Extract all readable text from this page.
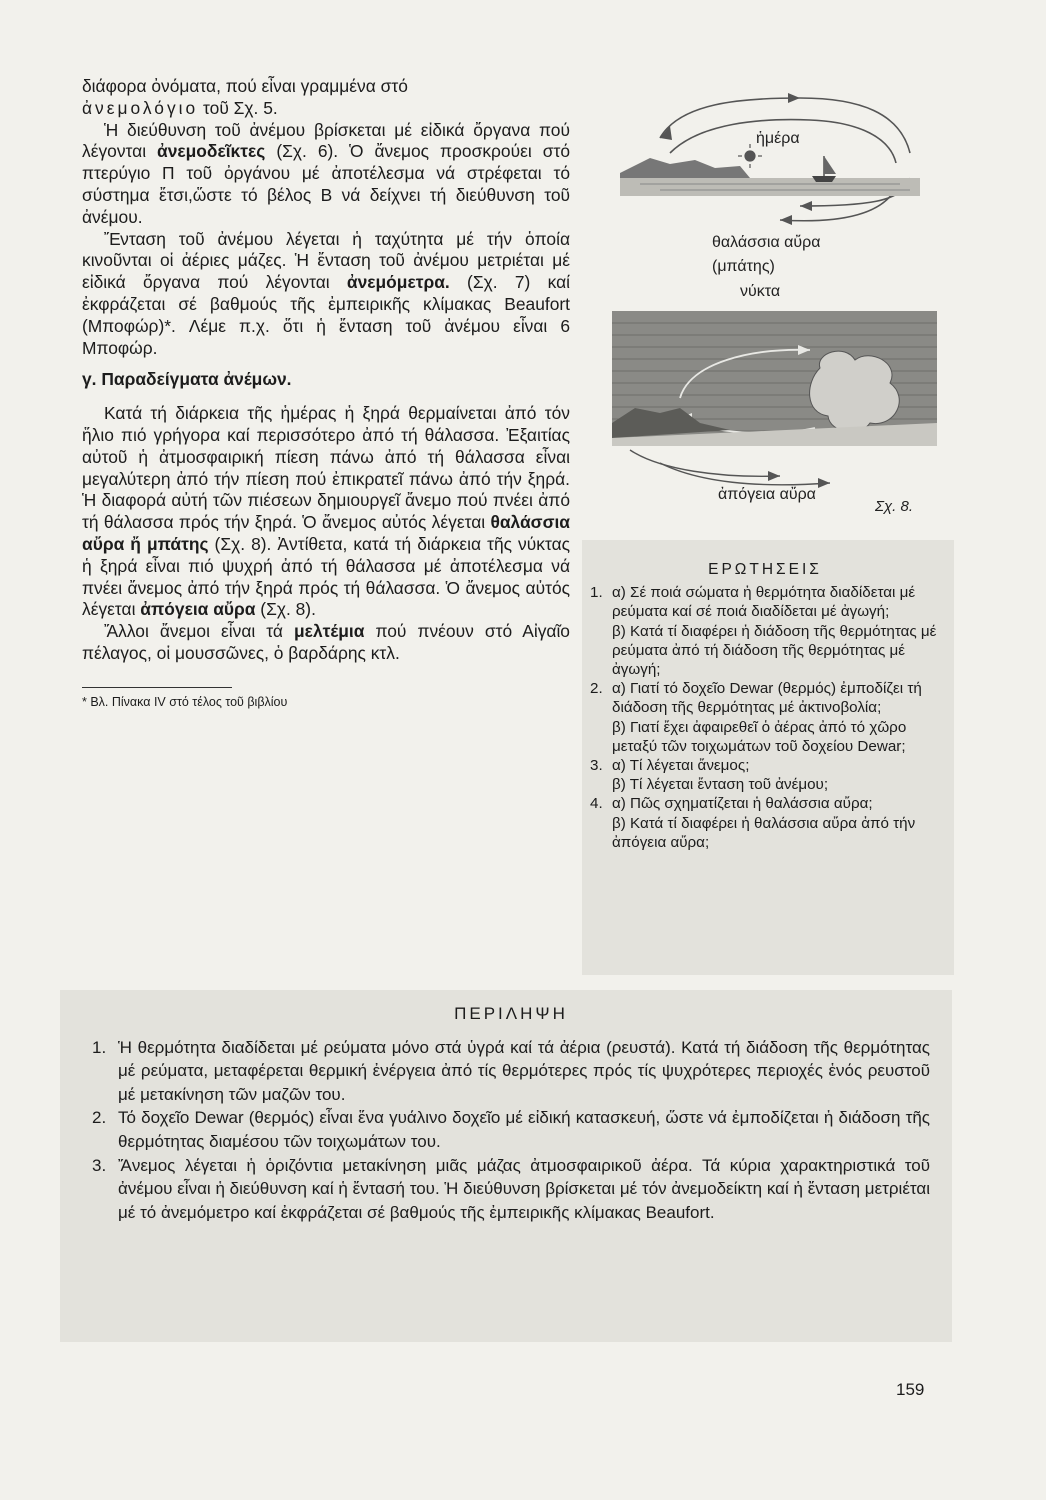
διάφορα ὀνόματα, πού εἶναι γραμμένα στό
ἀνεμολόγιο τοῦ Σχ. 5.

Ἡ διεύθυνση τοῦ ἀνέμου βρίσκεται μέ εἰδικά ὄργανα πού λέγονται ἀνεμοδεῖκτες (Σχ. 6). Ὁ ἄνεμος προσκρούει στό πτερύγιο Π τοῦ ὀργάνου μέ ἀποτέλεσμα νά στρέφεται τό σύστημα ἔτσι,ὥστε τό βέλος Β νά δείχνει τή διεύθυνση τοῦ ἀνέμου.

Ἔνταση τοῦ ἀνέμου λέγεται ἡ ταχύτητα μέ τήν ὁποία κινοῦνται οἱ ἀέριες μάζες. Ἡ ἔνταση τοῦ ἀνέμου μετριέται μέ εἰδικά ὄργανα πού λέγονται ἀνεμόμετρα. (Σχ. 7) καί ἐκφράζεται σέ βαθμούς τῆς ἐμπειρικῆς κλίμακας Beaufort (Μποφώρ)*. Λέμε π.χ. ὅτι ἡ ἔνταση τοῦ ἀνέμου εἶναι 6 Μποφώρ.

γ. Παραδείγματα ἀνέμων.

Κατά τή διάρκεια τῆς ἡμέρας ἡ ξηρά θερμαίνεται ἀπό τόν ἥλιο πιό γρήγορα καί περισσότερο ἀπό τή θάλασσα. Ἐξαιτίας αὐτοῦ ἡ ἀτμοσφαιρική πίεση πάνω ἀπό τή θάλασσα εἶναι μεγαλύτερη ἀπό τήν πίεση πού ἐπικρατεῖ πάνω ἀπό τήν ξηρά. Ἡ διαφορά αὐτή τῶν πιέσεων δημιουργεῖ ἄνεμο πού πνέει ἀπό τή θάλασσα πρός τήν ξηρά. Ὁ ἄνεμος αὐτός λέγεται θαλάσσια αὔρα ἤ μπάτης (Σχ. 8). Ἀντίθετα, κατά τή διάρκεια τῆς νύκτας ἡ ξηρά εἶναι πιό ψυχρή ἀπό τή θάλασσα μέ ἀποτέλεσμα νά πνέει ἄνεμος ἀπό τήν ξηρά πρός τή θάλασσα. Ὁ ἄνεμος αὐτός λέγεται ἀπόγεια αὔρα (Σχ. 8).

Ἄλλοι ἄνεμοι εἶναι τά μελτέμια πού πνέουν στό Αἰγαῖο πέλαγος, οἱ μουσσῶνες, ὁ βαρδάρης κτλ.

* Βλ. Πίνακα IV στό τέλος τοῦ βιβλίου
ἡμέρα
θαλάσσια αὔρα
(μπάτης)
νύκτα
ἀπόγεια αὔρα
Σχ. 8.
ΕΡΩΤΗΣΕΙΣ
1. α) Σέ ποιά σώματα ἡ θερμότητα διαδίδεται μέ ρεύματα καί σέ ποιά διαδίδεται μέ ἀγωγή;

β) Κατά τί διαφέρει ἡ διάδοση τῆς θερμότητας μέ ρεύματα ἀπό τή διάδοση τῆς θερμότητας μέ ἀγωγή;

2. α) Γιατί τό δοχεῖο Dewar (θερμός) ἐμποδίζει τή διάδοση τῆς θερμότητας μέ ἀκτινοβολία;

β) Γιατί ἔχει ἀφαιρεθεῖ ὁ ἀέρας ἀπό τό χῶρο μεταξύ τῶν τοιχωμάτων τοῦ δοχείου Dewar;

3. α) Τί λέγεται ἄνεμος;

β) Τί λέγεται ἔνταση τοῦ ἀνέμου;

4. α) Πῶς σχηματίζεται ἡ θαλάσσια αὔρα;

β) Κατά τί διαφέρει ἡ θαλάσσια αὔρα ἀπό τήν ἀπόγεια αὔρα;

ΠΕΡΙΛΗΨΗ
1. Ἡ θερμότητα διαδίδεται μέ ρεύματα μόνο στά ὑγρά καί τά ἀέρια (ρευστά). Κατά τή διάδοση τῆς θερμότητας μέ ρεύματα, μεταφέρεται θερμική ἐνέργεια ἀπό τίς θερμότερες πρός τίς ψυχρότερες περιοχές ἑνός ρευστοῦ μέ μετακίνηση τῶν μαζῶν του.

2. Τό δοχεῖο Dewar (θερμός) εἶναι ἕνα γυάλινο δοχεῖο μέ εἰδική κατασκευή, ὥστε νά ἐμποδίζεται ἡ διάδοση τῆς θερμότητας διαμέσου τῶν τοιχωμάτων του.

3. Ἄνεμος λέγεται ἡ ὁριζόντια μετακίνηση μιᾶς μάζας ἀτμοσφαιρικοῦ ἀέρα. Τά κύρια χαρακτηριστικά τοῦ ἀνέμου εἶναι ἡ διεύθυνση καί ἡ ἔντασή του. Ἡ διεύθυνση βρίσκεται μέ τόν ἀνεμοδείκτη καί ἡ ἔνταση μετριέται μέ τό ἀνεμόμετρο καί ἐκφράζεται σέ βαθμούς τῆς ἐμπειρικῆς κλίμακας Beaufort.

159
